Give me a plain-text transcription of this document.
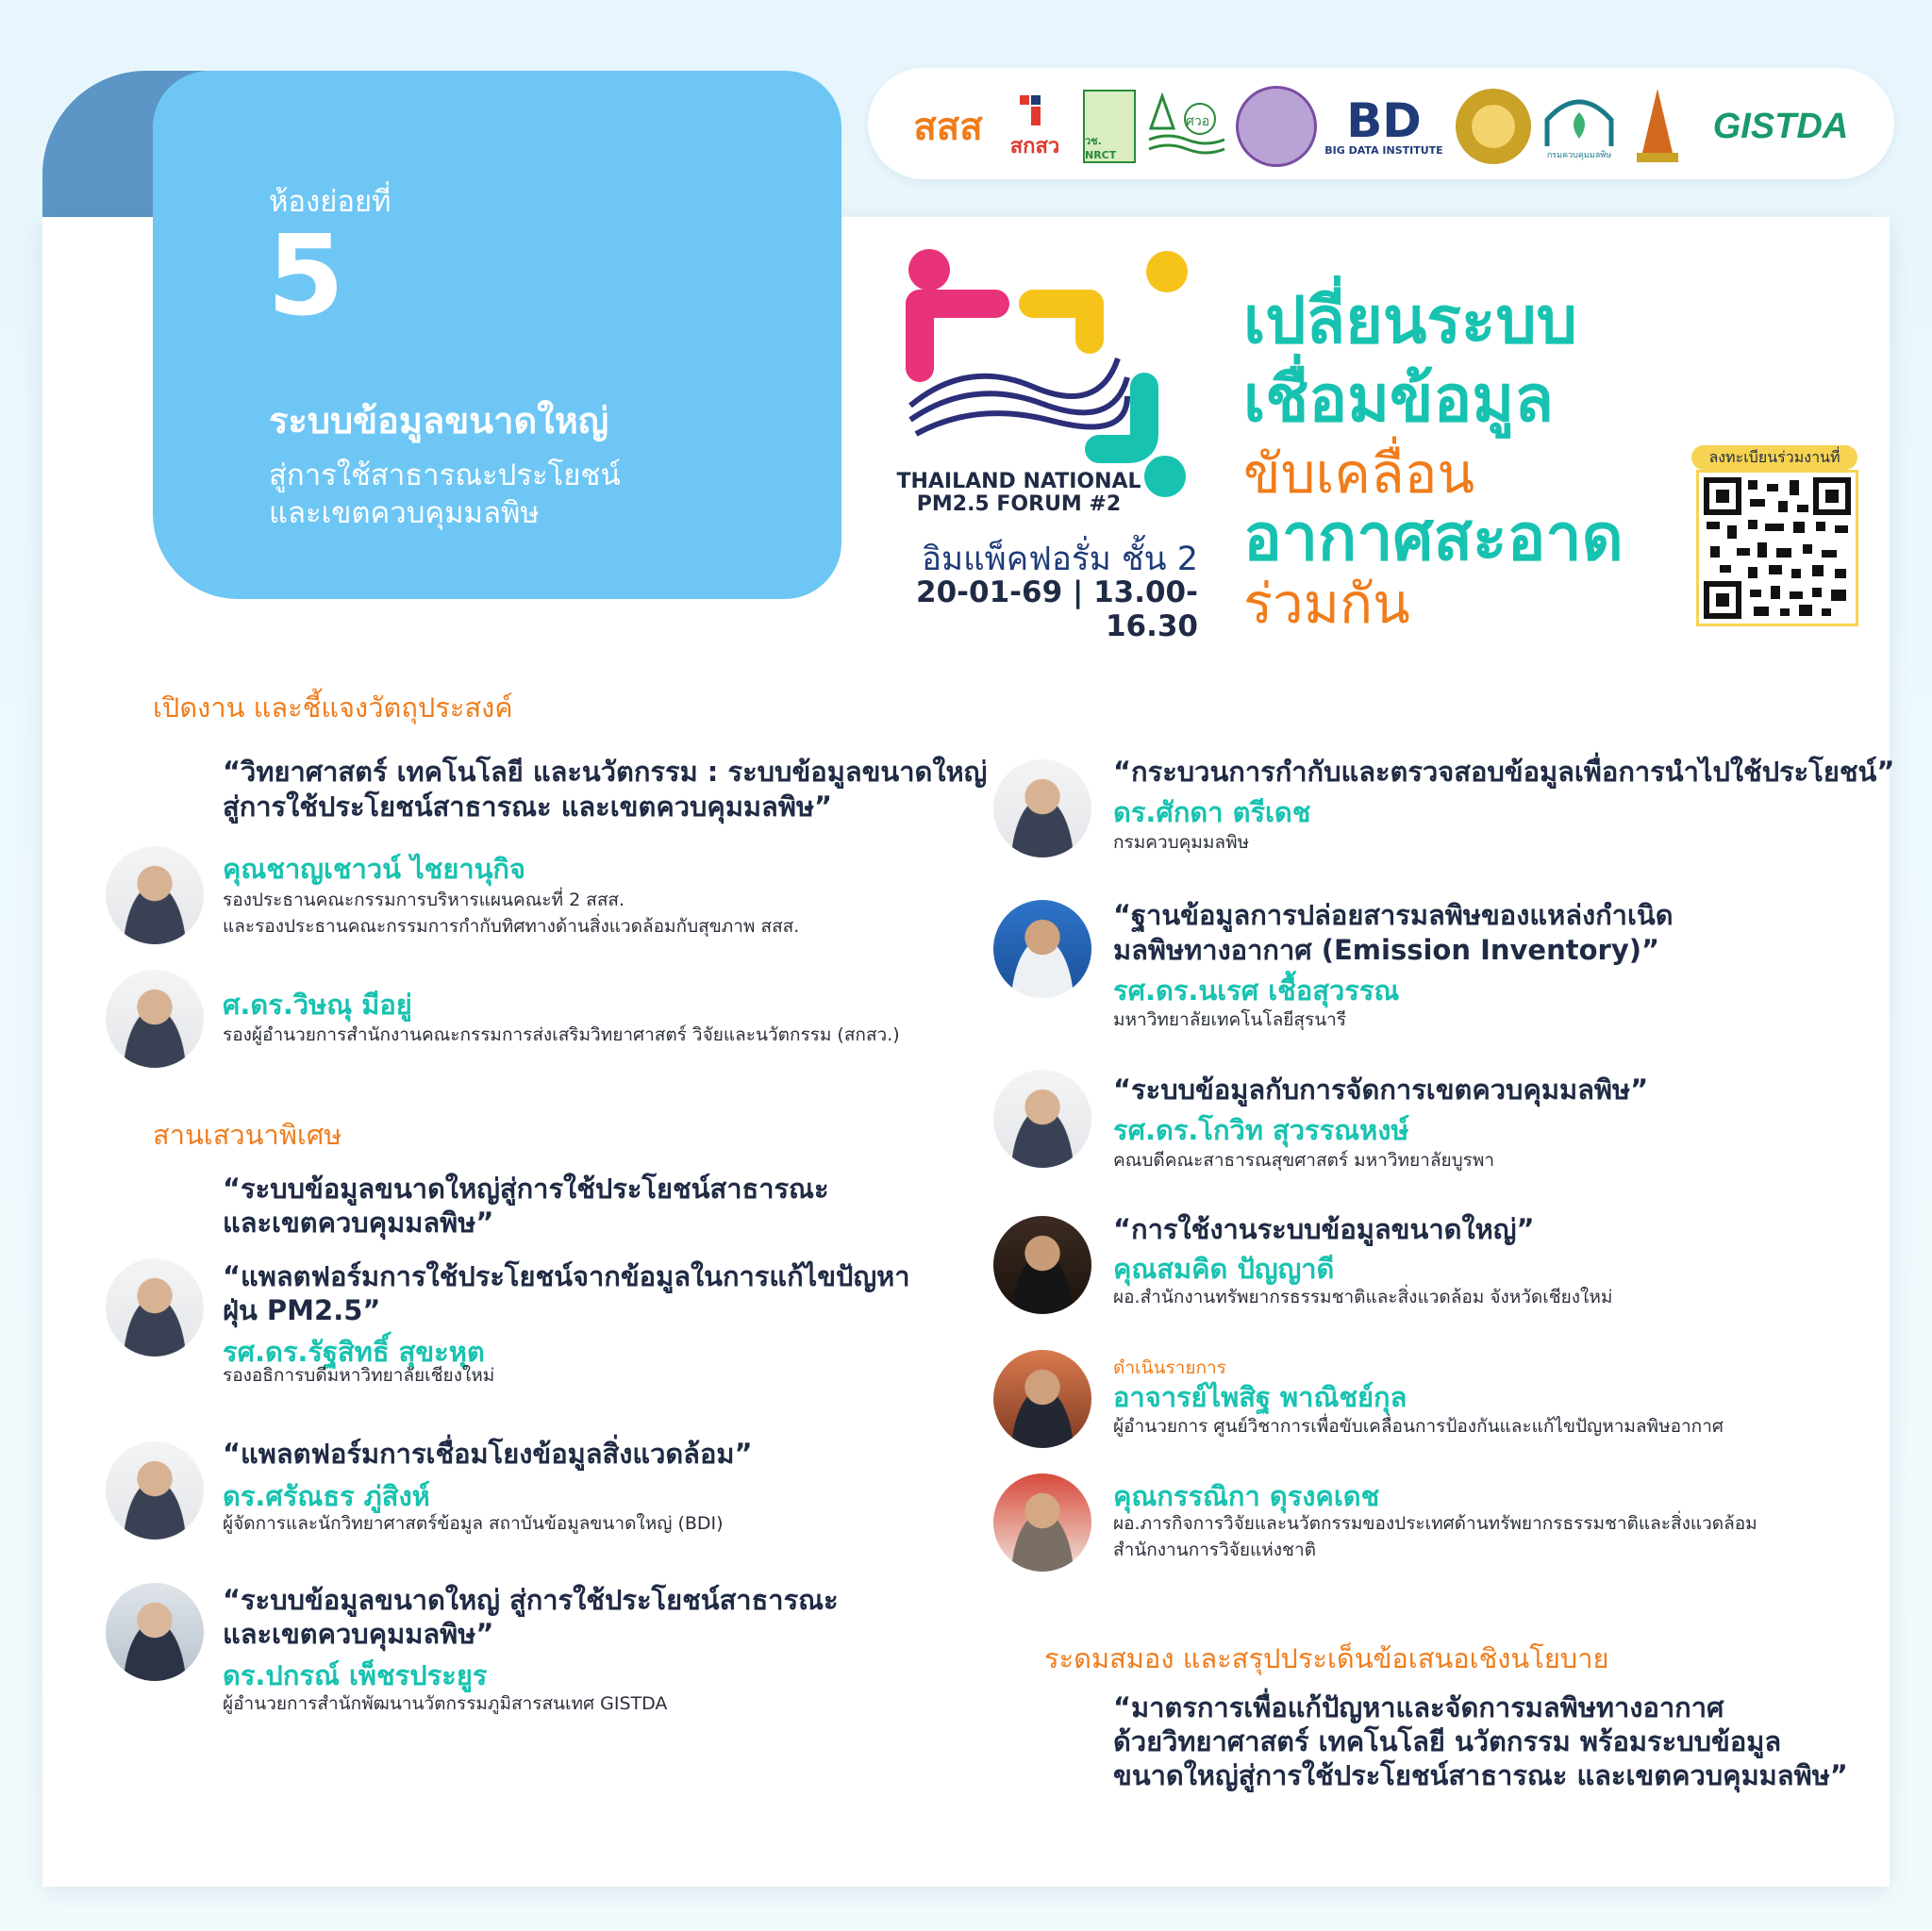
ห้องย่อยที่
5
ระบบข้อมูลขนาดใหญ่
สู่การใช้สาธารณะประโยชน์
และเขตควบคุมมลพิษ
สสส สกสว วช. NRCT
ศวอ	BD
BIG DATA INSTITUTE	กรมควบคุมมลพิษ
GISTDA
THAILAND NATIONAL
PM2.5 FORUM #2
อิมแพ็คฟอรั่ม ชั้น 2
20-01-69 | 13.00-16.30
เปลี่ยนระบบ
เชื่อมข้อมูล
ขับเคลื่อน
อากาศสะอาด
ร่วมกัน
ลงทะเบียนร่วมงานที่
เปิดงาน และชี้แจงวัตถุประสงค์
“วิทยาศาสตร์ เทคโนโลยี และนวัตกรรม : ระบบข้อมูลขนาดใหญ่
สู่การใช้ประโยชน์สาธารณะ และเขตควบคุมมลพิษ”
คุณชาญเชาวน์ ไชยานุกิจ
รองประธานคณะกรรมการบริหารแผนคณะที่ 2 สสส.
และรองประธานคณะกรรมการกำกับทิศทางด้านสิ่งแวดล้อมกับสุขภาพ สสส.
ศ.ดร.วิษณุ มีอยู่
รองผู้อำนวยการสำนักงานคณะกรรมการส่งเสริมวิทยาศาสตร์ วิจัยและนวัตกรรม (สกสว.)
สานเสวนาพิเศษ
“ระบบข้อมูลขนาดใหญ่สู่การใช้ประโยชน์สาธารณะ
และเขตควบคุมมลพิษ”
“แพลตฟอร์มการใช้ประโยชน์จากข้อมูลในการแก้ไขปัญหา
ฝุ่น PM2.5”
รศ.ดร.รัฐสิทธิ์ สุขะหุต
รองอธิการบดีมหาวิทยาลัยเชียงใหม่
“แพลตฟอร์มการเชื่อมโยงข้อมูลสิ่งแวดล้อม”
ดร.ศรัณธร ภู่สิงห์
ผู้จัดการและนักวิทยาศาสตร์ข้อมูล สถาบันข้อมูลขนาดใหญ่ (BDI)
“ระบบข้อมูลขนาดใหญ่ สู่การใช้ประโยชน์สาธารณะ
และเขตควบคุมมลพิษ”
ดร.ปกรณ์ เพ็ชรประยูร
ผู้อำนวยการสำนักพัฒนานวัตกรรมภูมิสารสนเทศ GISTDA
“กระบวนการกำกับและตรวจสอบข้อมูลเพื่อการนำไปใช้ประโยชน์”
ดร.ศักดา ตรีเดช
กรมควบคุมมลพิษ
“ฐานข้อมูลการปล่อยสารมลพิษของแหล่งกำเนิด
มลพิษทางอากาศ (Emission Inventory)”
รศ.ดร.นเรศ เชื้อสุวรรณ
มหาวิทยาลัยเทคโนโลยีสุรนารี
“ระบบข้อมูลกับการจัดการเขตควบคุมมลพิษ”
รศ.ดร.โกวิท สุวรรณหงษ์
คณบดีคณะสาธารณสุขศาสตร์ มหาวิทยาลัยบูรพา
“การใช้งานระบบข้อมูลขนาดใหญ่”
คุณสมคิด ปัญญาดี
ผอ.สำนักงานทรัพยากรธรรมชาติและสิ่งแวดล้อม จังหวัดเชียงใหม่
ดำเนินรายการ
อาจารย์ไพสิฐ พาณิชย์กุล
ผู้อำนวยการ ศูนย์วิชาการเพื่อขับเคลื่อนการป้องกันและแก้ไขปัญหามลพิษอากาศ
คุณกรรณิกา ดุรงคเดช
ผอ.ภารกิจการวิจัยและนวัตกรรมของประเทศด้านทรัพยากรธรรมชาติและสิ่งแวดล้อม
สำนักงานการวิจัยแห่งชาติ
ระดมสมอง และสรุปประเด็นข้อเสนอเชิงนโยบาย
“มาตรการเพื่อแก้ปัญหาและจัดการมลพิษทางอากาศ
ด้วยวิทยาศาสตร์ เทคโนโลยี นวัตกรรม พร้อมระบบข้อมูล
ขนาดใหญ่สู่การใช้ประโยชน์สาธารณะ และเขตควบคุมมลพิษ”
